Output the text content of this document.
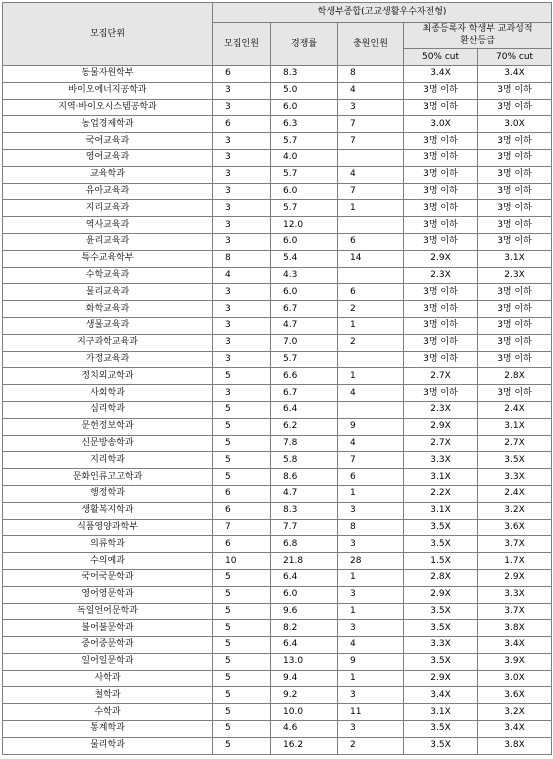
모집단위	학생부종합(고교생활우수자전형)				
	모집인원	경쟁률	충원인원	최종등록자 학생부 교과성적 환산등급	
				50% cut	70% cut
동물자원학부	6	8.3	8	3.4X	3.4X
바이오에너지공학과	3	5.0	4	3명 이하	3명 이하
지역·바이오시스템공학과	3	6.0	3	3명 이하	3명 이하
농업경제학과	6	6.3	7	3.0X	3.0X
국어교육과	3	5.7	7	3명 이하	3명 이하
영어교육과	3	4.0		3명 이하	3명 이하
교육학과	3	5.7	4	3명 이하	3명 이하
유아교육과	3	6.0	7	3명 이하	3명 이하
지리교육과	3	5.7	1	3명 이하	3명 이하
역사교육과	3	12.0		3명 이하	3명 이하
윤리교육과	3	6.0	6	3명 이하	3명 이하
특수교육학부	8	5.4	14	2.9X	3.1X
수학교육과	4	4.3		2.3X	2.3X
물리교육과	3	6.0	6	3명 이하	3명 이하
화학교육과	3	6.7	2	3명 이하	3명 이하
생물교육과	3	4.7	1	3명 이하	3명 이하
지구과학교육과	3	7.0	2	3명 이하	3명 이하
가정교육과	3	5.7		3명 이하	3명 이하
정치외교학과	5	6.6	1	2.7X	2.8X
사회학과	3	6.7	4	3명 이하	3명 이하
심리학과	5	6.4		2.3X	2.4X
문헌정보학과	5	6.2	9	2.9X	3.1X
신문방송학과	5	7.8	4	2.7X	2.7X
지리학과	5	5.8	7	3.3X	3.5X
문화인류고고학과	5	8.6	6	3.1X	3.3X
행정학과	6	4.7	1	2.2X	2.4X
생활복지학과	6	8.3	3	3.1X	3.2X
식품영양과학부	7	7.7	8	3.5X	3.6X
의류학과	6	6.8	3	3.5X	3.7X
수의예과	10	21.8	28	1.5X	1.7X
국어국문학과	5	6.4	1	2.8X	2.9X
영어영문학과	5	6.0	3	2.9X	3.3X
독일언어문학과	5	9.6	1	3.5X	3.7X
불어불문학과	5	8.2	3	3.5X	3.8X
중어중문학과	5	6.4	4	3.3X	3.4X
일어일문학과	5	13.0	9	3.5X	3.9X
사학과	5	9.4	1	2.9X	3.0X
철학과	5	9.2	3	3.4X	3.6X
수학과	5	10.0	11	3.1X	3.2X
통계학과	5	4.6	3	3.5X	3.4X
물리학과	5	16.2	2	3.5X	3.8X
